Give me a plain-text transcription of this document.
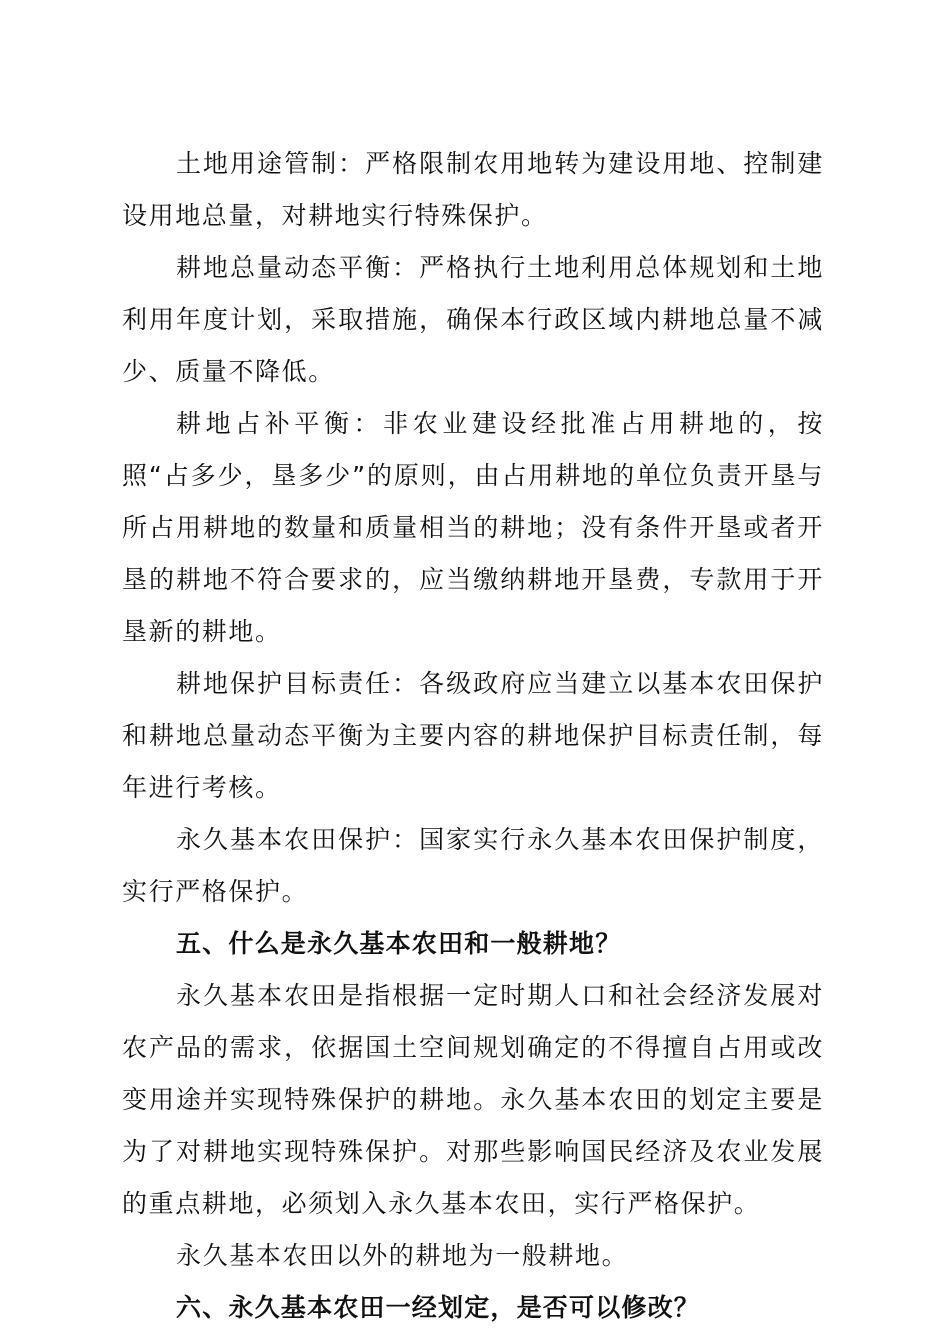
土地用途管制：严格限制农用地转为建设用地、控制建设用地总量，对耕地实行特殊保护。

耕地总量动态平衡：严格执行土地利用总体规划和土地利用年度计划，采取措施，确保本行政区域内耕地总量不减少、质量不降低。

耕地占补平衡：非农业建设经批准占用耕地的，按照“占多少，垦多少”的原则，由占用耕地的单位负责开垦与所占用耕地的数量和质量相当的耕地；没有条件开垦或者开垦的耕地不符合要求的，应当缴纳耕地开垦费，专款用于开垦新的耕地。

耕地保护目标责任：各级政府应当建立以基本农田保护和耕地总量动态平衡为主要内容的耕地保护目标责任制，每年进行考核。

永久基本农田保护：国家实行永久基本农田保护制度，实行严格保护。

五、什么是永久基本农田和一般耕地？

永久基本农田是指根据一定时期人口和社会经济发展对农产品的需求，依据国土空间规划确定的不得擅自占用或改变用途并实现特殊保护的耕地。永久基本农田的划定主要是为了对耕地实现特殊保护。对那些影响国民经济及农业发展的重点耕地，必须划入永久基本农田，实行严格保护。

永久基本农田以外的耕地为一般耕地。

六、永久基本农田一经划定，是否可以修改？
